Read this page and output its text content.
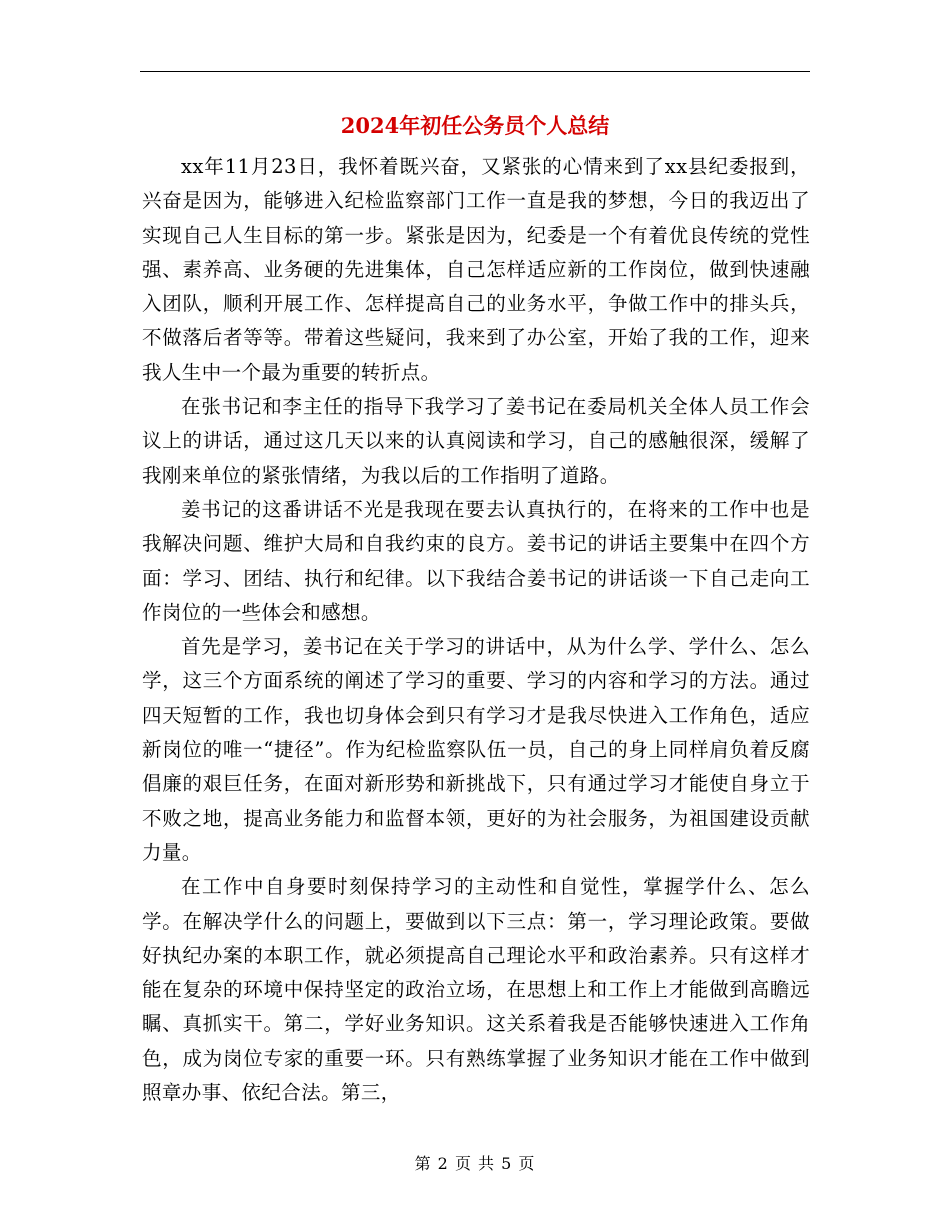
2024年初任公务员个人总结

xx年11月23日，我怀着既兴奋，又紧张的心情来到了xx县纪委报到，兴奋是因为，能够进入纪检监察部门工作一直是我的梦想，今日的我迈出了实现自己人生目标的第一步。紧张是因为，纪委是一个有着优良传统的党性强、素养高、业务硬的先进集体，自己怎样适应新的工作岗位，做到快速融入团队，顺利开展工作、怎样提高自己的业务水平，争做工作中的排头兵，不做落后者等等。带着这些疑问，我来到了办公室，开始了我的工作，迎来我人生中一个最为重要的转折点。

在张书记和李主任的指导下我学习了姜书记在委局机关全体人员工作会议上的讲话，通过这几天以来的认真阅读和学习，自己的感触很深，缓解了我刚来单位的紧张情绪，为我以后的工作指明了道路。

姜书记的这番讲话不光是我现在要去认真执行的，在将来的工作中也是我解决问题、维护大局和自我约束的良方。姜书记的讲话主要集中在四个方面：学习、团结、执行和纪律。以下我结合姜书记的讲话谈一下自己走向工作岗位的一些体会和感想。

首先是学习，姜书记在关于学习的讲话中，从为什么学、学什么、怎么学，这三个方面系统的阐述了学习的重要、学习的内容和学习的方法。通过四天短暂的工作，我也切身体会到只有学习才是我尽快进入工作角色，适应新岗位的唯一“捷径”。作为纪检监察队伍一员，自己的身上同样肩负着反腐倡廉的艰巨任务，在面对新形势和新挑战下，只有通过学习才能使自身立于不败之地，提高业务能力和监督本领，更好的为社会服务，为祖国建设贡献力量。

在工作中自身要时刻保持学习的主动性和自觉性，掌握学什么、怎么学。在解决学什么的问题上，要做到以下三点：第一，学习理论政策。要做好执纪办案的本职工作，就必须提高自己理论水平和政治素养。只有这样才能在复杂的环境中保持坚定的政治立场，在思想上和工作上才能做到高瞻远瞩、真抓实干。第二，学好业务知识。这关系着我是否能够快速进入工作角色，成为岗位专家的重要一环。只有熟练掌握了业务知识才能在工作中做到照章办事、依纪合法。第三，

第 2 页 共 5 页
